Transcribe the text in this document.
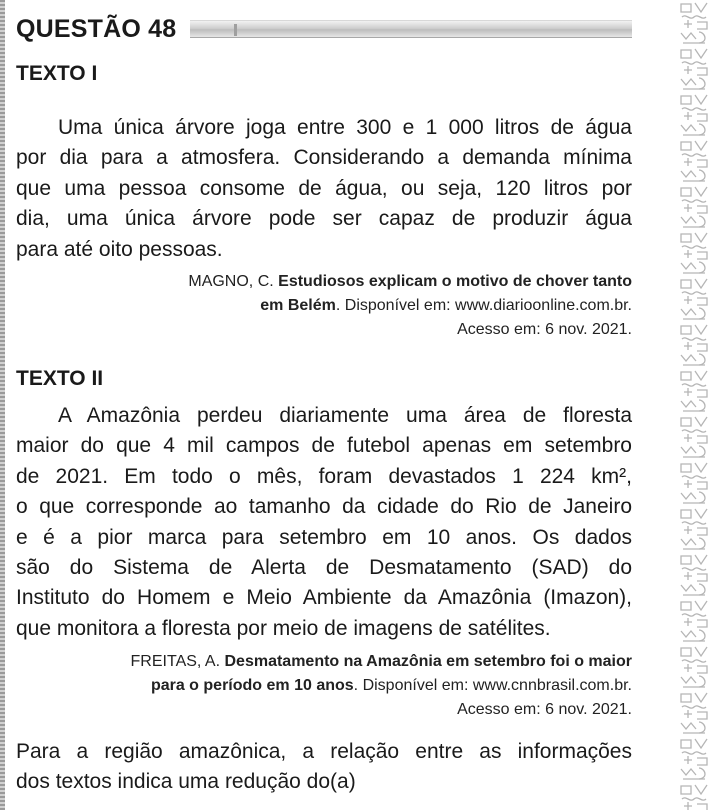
QUESTÃO 48
TEXTO I
Uma única árvore joga entre 300 e 1 000 litros de água
por dia para a atmosfera. Considerando a demanda mínima
que uma pessoa consome de água, ou seja, 120 litros por
dia, uma única árvore pode ser capaz de produzir água
para até oito pessoas.
MAGNO, C. Estudiosos explicam o motivo de chover tanto
em Belém. Disponível em: www.diarioonline.com.br.
Acesso em: 6 nov. 2021.
TEXTO II
A Amazônia perdeu diariamente uma área de floresta
maior do que 4 mil campos de futebol apenas em setembro
de 2021. Em todo o mês, foram devastados 1 224 km²,
o que corresponde ao tamanho da cidade do Rio de Janeiro
e é a pior marca para setembro em 10 anos. Os dados
são do Sistema de Alerta de Desmatamento (SAD) do
Instituto do Homem e Meio Ambiente da Amazônia (Imazon),
que monitora a floresta por meio de imagens de satélites.
FREITAS, A. Desmatamento na Amazônia em setembro foi o maior
para o período em 10 anos. Disponível em: www.cnnbrasil.com.br.
Acesso em: 6 nov. 2021.
Para a região amazônica, a relação entre as informações
dos textos indica uma redução do(a)
